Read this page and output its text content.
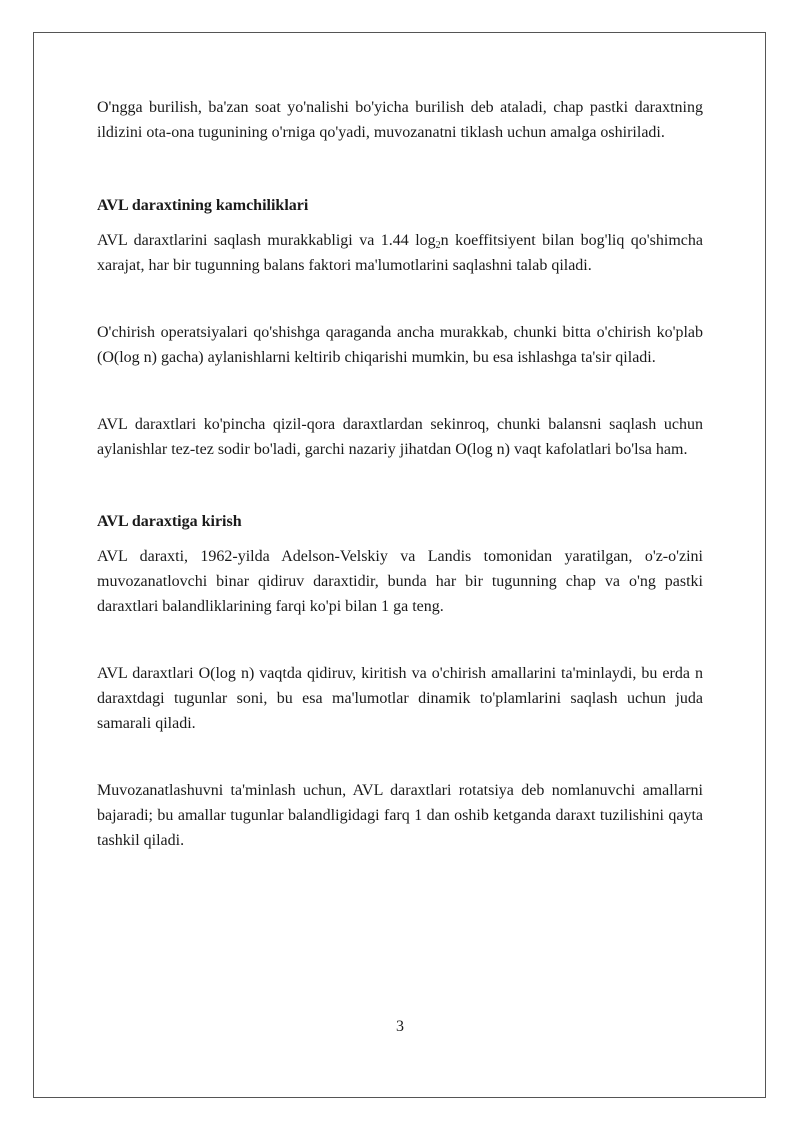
O'ngga burilish, ba'zan soat yo'nalishi bo'yicha burilish deb ataladi, chap pastki daraxtning ildizini ota-ona tugunining o'rniga qo'yadi, muvozanatni tiklash uchun amalga oshiriladi.

AVL daraxtining kamchiliklari

AVL daraxtlarini saqlash murakkabligi va 1.44 $\log_2n$ koeffitsiyent bilan bog'liq qo'shimcha xarajat, har bir tugunning balans faktori ma'lumotlarini saqlashni talab qiladi.

O'chirish operatsiyalari qo'shishga qaraganda ancha murakkab, chunki bitta o'chirish ko'plab (O(log n) gacha) aylanishlarni keltirib chiqarishi mumkin, bu esa ishlashga ta'sir qiladi.

AVL daraxtlari ko'pincha qizil-qora daraxtlardan sekinroq, chunki balansni saqlash uchun aylanishlar tez-tez sodir bo'ladi, garchi nazariy jihatdan O(log n) vaqt kafolatlari bo'lsa ham.

AVL daraxtiga kirish

AVL daraxti, 1962-yilda Adelson-Velskiy va Landis tomonidan yaratilgan, o'z-o'zini muvozanatlovchi binar qidiruv daraxtidir, bunda har bir tugunning chap va o'ng pastki daraxtlari balandliklarining farqi ko'pi bilan 1 ga teng.

AVL daraxtlari O(log n) vaqtda qidiruv, kiritish va o'chirish amallarini ta'minlaydi, bu erda n daraxtdagi tugunlar soni, bu esa ma'lumotlar dinamik to'plamlarini saqlash uchun juda samarali qiladi.

Muvozanatlashuvni ta'minlash uchun, AVL daraxtlari rotatsiya deb nomlanuvchi amallarni bajaradi; bu amallar tugunlar balandligidagi farq 1 dan oshib ketganda daraxt tuzilishini qayta tashkil qiladi.

3
